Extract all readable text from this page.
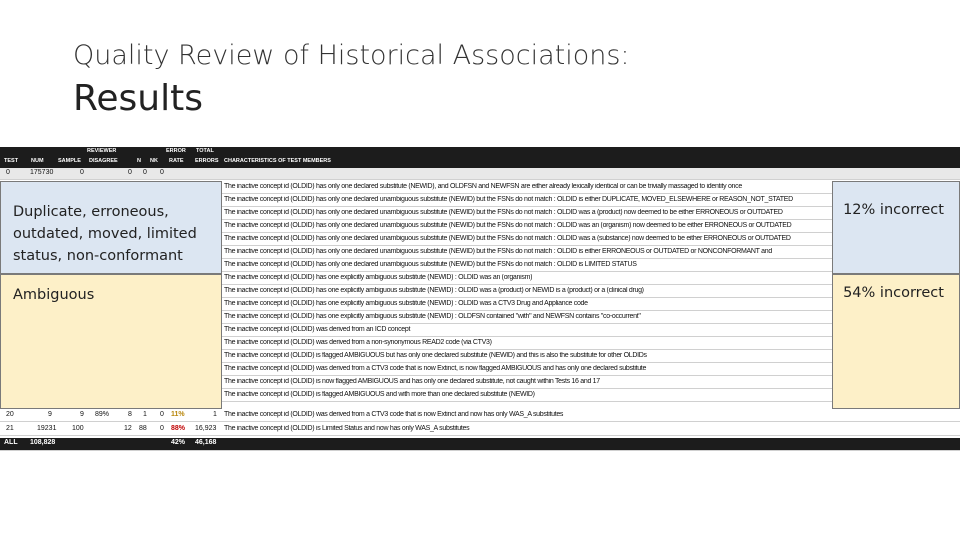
Quality Review of Historical Associations:
Results
REVIEWER	ERROR TOTAL
TEST NUM	SAMPLE DISAGREE	N NK RATE ERRORS CHARACTERISTICS OF TEST MEMBERS
0	175730	0	0 0 0
The inactive concept id (OLDID) has only one declared substitute (NEWID), and OLDFSN and NEWFSN are either already lexically identical or can be trivially massaged to identity once
The inactive concept id (OLDID) has only one declared unambiguous substitute (NEWID) but the FSNs do not match : OLDID is either DUPLICATE, MOVED_ELSEWHERE or REASON_NOT_STATED
The inactive concept id (OLDID) has only one declared unambiguous substitute (NEWID) but the FSNs do not match : OLDID was a (product) now deemed to be either ERRONEOUS or OUTDATED
The inactive concept id (OLDID) has only one declared unambiguous substitute (NEWID) but the FSNs do not match : OLDID was an (organism) now deemed to be either ERRONEOUS or OUTDATED
The inactive concept id (OLDID) has only one declared unambiguous substitute (NEWID) but the FSNs do not match : OLDID was a (substance) now deemed to be either ERRONEOUS or OUTDATED
The inactive concept id (OLDID) has only one declared unambiguous substitute (NEWID) but the FSNs do not match : OLDID is either ERRONEOUS or OUTDATED or NONCONFORMANT and
The inactive concept id (OLDID) has only one declared unambiguous substitute (NEWID) but the FSNs do not match : OLDID is LIMITED STATUS
The inactive concept id (OLDID) has one explicitly ambiguous substitute (NEWID) : OLDID was an (organism)
The inactive concept id (OLDID) has one explicitly ambiguous substitute (NEWID) : OLDID was a (product) or NEWID is a (product) or a (clinical drug)
The inactive concept id (OLDID) has one explicitly ambiguous substitute (NEWID) : OLDID was a CTV3 Drug and Appliance code
The inactive concept id (OLDID) has one explicitly ambiguous substitute (NEWID) : OLDFSN contained "with" and NEWFSN contains "co-occurrent"
The inactive concept id (OLDID) was derived from an ICD concept
The inactive concept id (OLDID) was derived from a non-synonymous READ2 code (via CTV3)
The inactive concept id (OLDID) is flagged AMBIGUOUS but has only one declared substitute (NEWID) and this is also the substitute for other OLDIDs
The inactive concept id (OLDID) was derived from a CTV3 code that is now Extinct, is now flagged AMBIGUOUS and has only one declared substitute
The inactive concept id (OLDID) is now flagged AMBIGUOUS and has only one declared substitute, not caught within Tests 16 and 17
The inactive concept id (OLDID) is flagged AMBIGUOUS and with more than one declared substitute (NEWID)
20	9	9 89%	8 1 0 11%	1 The inactive concept id (OLDID) was derived from a CTV3 code that is now Extinct and now has only WAS_A substitutes
21	19231 100	12 88 0 88% 16,923 The inactive concept id (OLDID) is Limited Status and now has only WAS_A substitutes
ALL 108,828	42% 46,168
Duplicate, erroneous, outdated, moved, limited status, non-conformant
Ambiguous
12% incorrect
54% incorrect
